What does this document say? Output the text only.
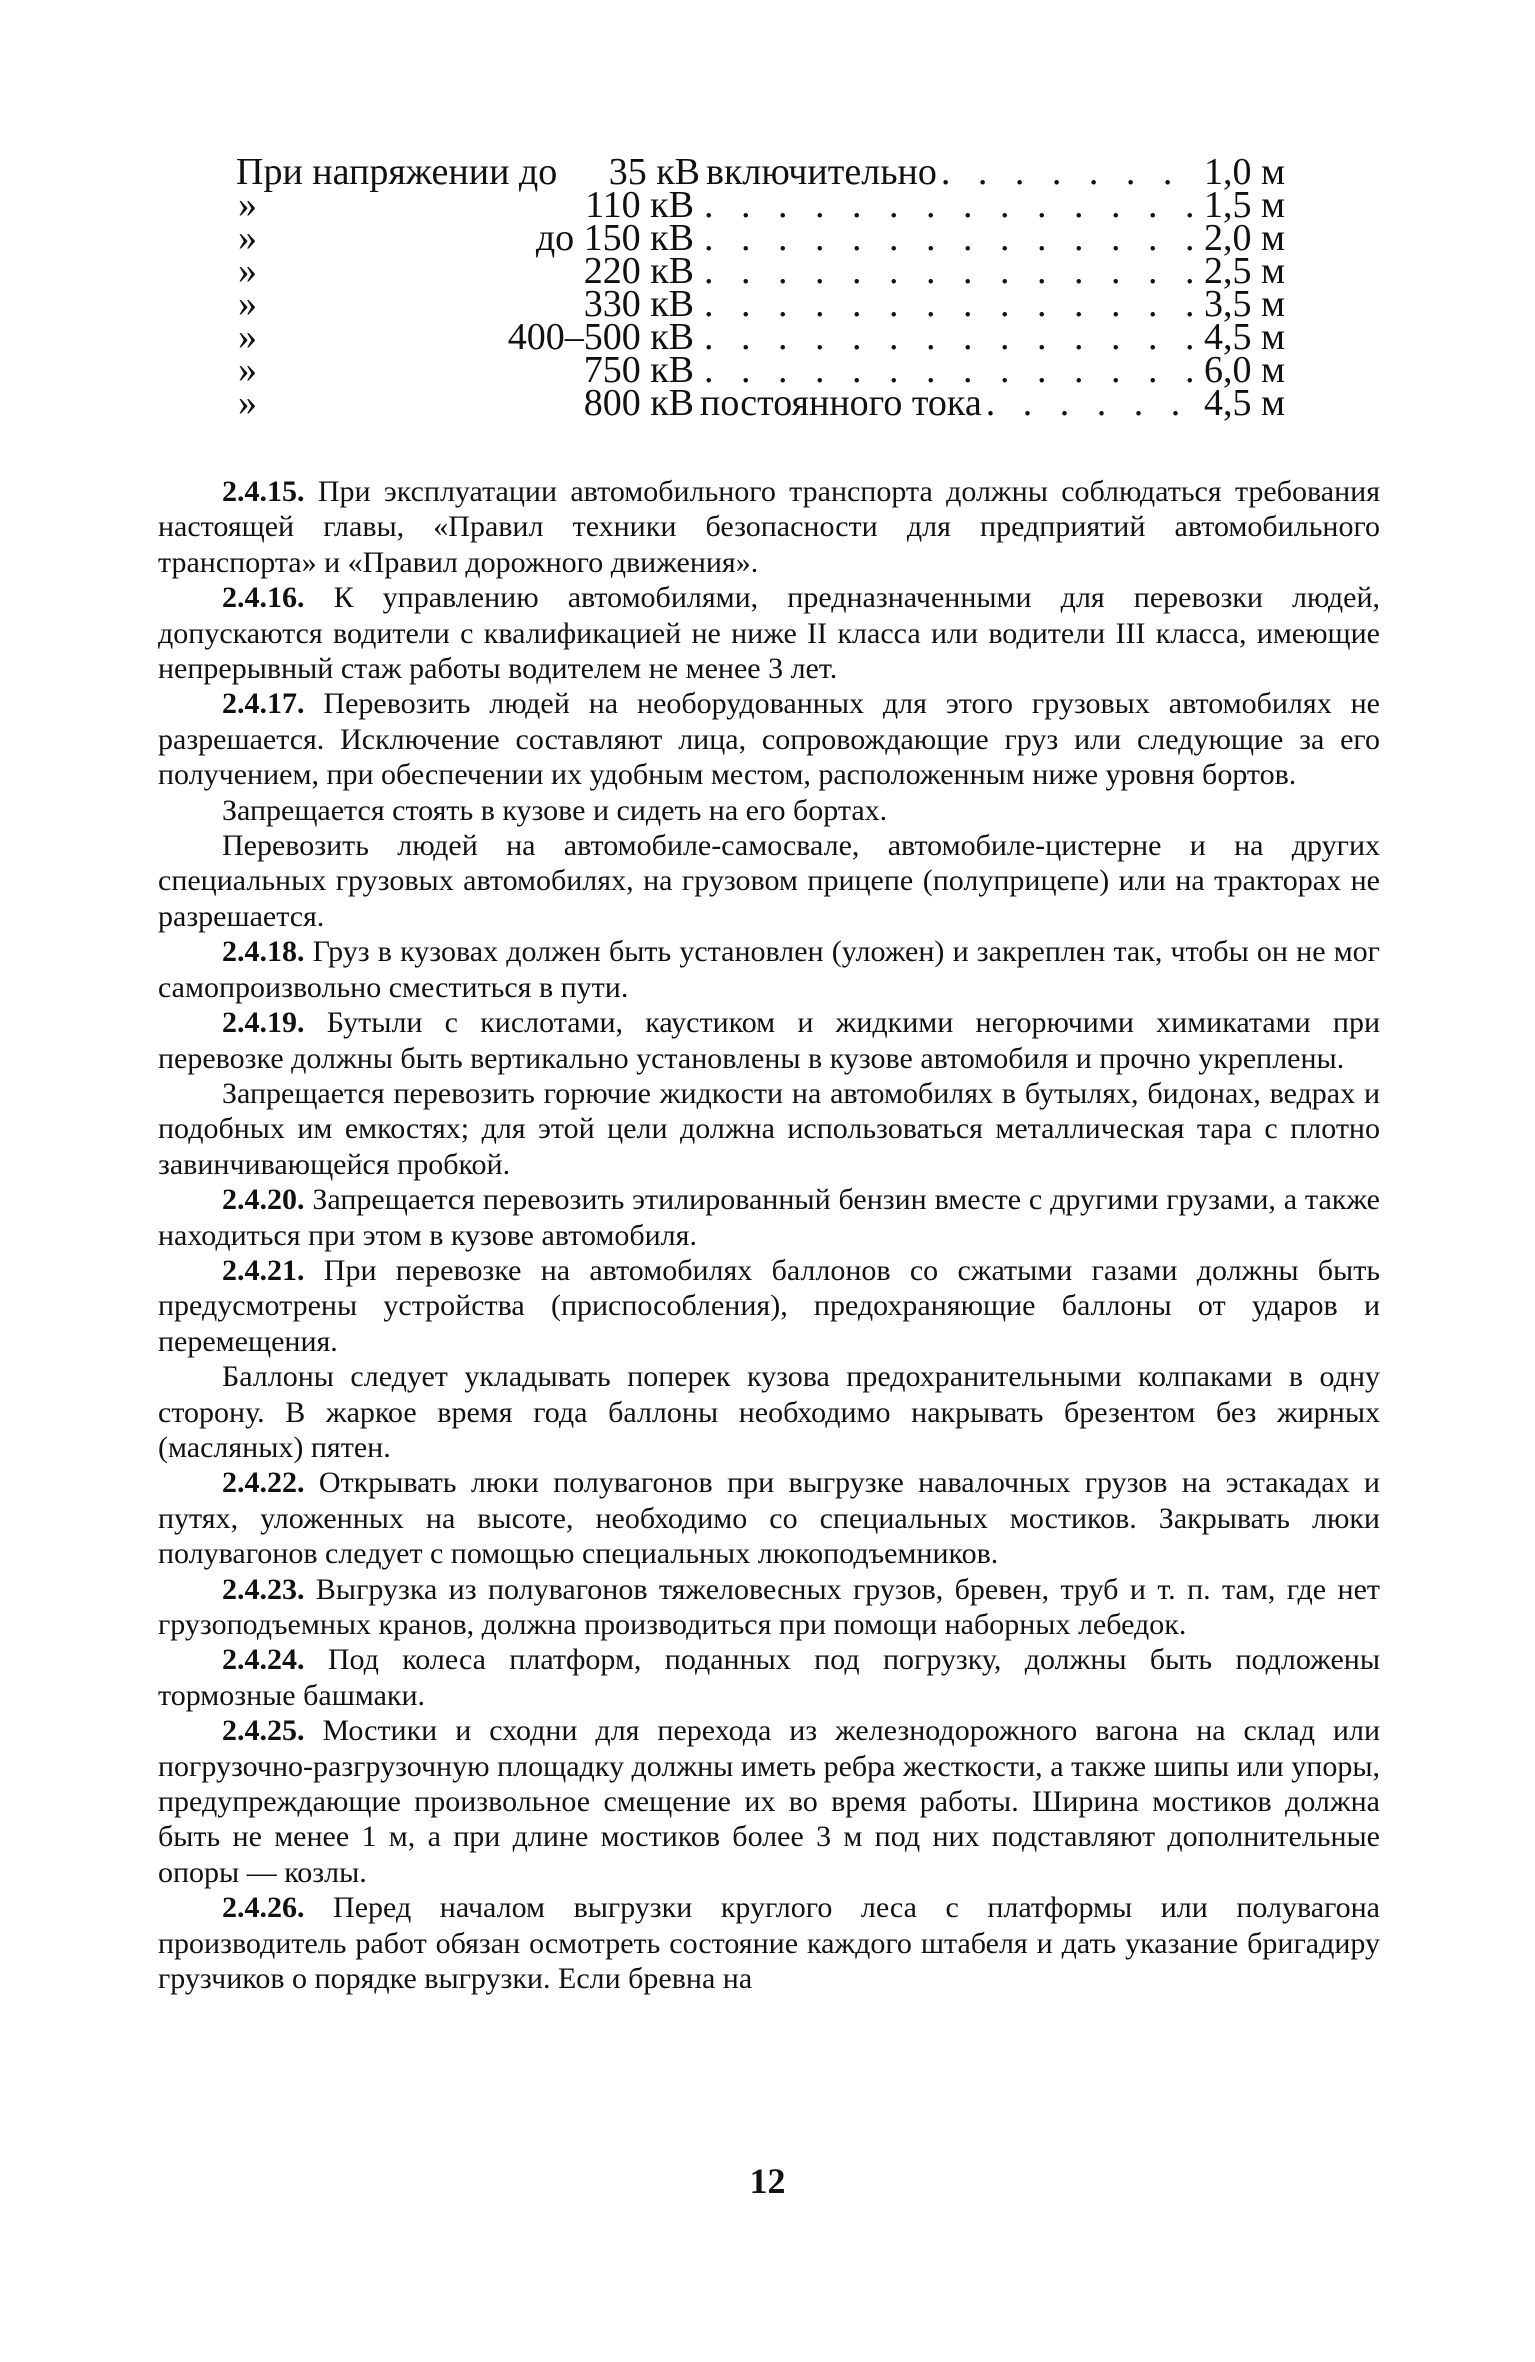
При напряжении до	35 кВ включительно . . .	1,0 м
»	110 кВ . . .	1,5 м
»	до 150 кВ . . .	2,0 м
»	220 кВ . . .	2,5 м
»	330 кВ . . .	3,5 м
»	400–500 кВ . . .	4,5 м
»	750 кВ . . .	6,0 м
»	800 кВ постоянного тока . . .	4,5 м

2.4.15. При эксплуатации автомобильного транспорта должны соблюдаться требования настоящей главы, «Правил техники безопасности для предприятий автомобильного транспорта» и «Правил дорожного движения».

2.4.16. К управлению автомобилями, предназначенными для перевозки людей, допускаются водители с квалификацией не ниже II класса или водители III класса, имеющие непрерывный стаж работы водителем не менее 3 лет.

2.4.17. Перевозить людей на необорудованных для этого грузовых автомобилях не разрешается. Исключение составляют лица, сопровождающие груз или следующие за его получением, при обеспечении их удобным местом, расположенным ниже уровня бортов.

Запрещается стоять в кузове и сидеть на его бортах.

Перевозить людей на автомобиле-самосвале, автомобиле-цистерне и на других специальных грузовых автомобилях, на грузовом прицепе (полуприцепе) или на тракторах не разрешается.

2.4.18. Груз в кузовах должен быть установлен (уложен) и закреплен так, чтобы он не мог самопроизвольно сместиться в пути.

2.4.19. Бутыли с кислотами, каустиком и жидкими негорючими химикатами при перевозке должны быть вертикально установлены в кузове автомобиля и прочно укреплены.

Запрещается перевозить горючие жидкости на автомобилях в бутылях, бидонах, ведрах и подобных им емкостях; для этой цели должна использоваться металлическая тара с плотно завинчивающейся пробкой.

2.4.20. Запрещается перевозить этилированный бензин вместе с другими грузами, а также находиться при этом в кузове автомобиля.

2.4.21. При перевозке на автомобилях баллонов со сжатыми газами должны быть предусмотрены устройства (приспособления), предохраняющие баллоны от ударов и перемещения.

Баллоны следует укладывать поперек кузова предохранительными колпаками в одну сторону. В жаркое время года баллоны необходимо накрывать брезентом без жирных (масляных) пятен.

2.4.22. Открывать люки полувагонов при выгрузке навалочных грузов на эстакадах и путях, уложенных на высоте, необходимо со специальных мостиков. Закрывать люки полувагонов следует с помощью специальных люкоподъемников.

2.4.23. Выгрузка из полувагонов тяжеловесных грузов, бревен, труб и т. п. там, где нет грузоподъемных кранов, должна производиться при помощи наборных лебедок.

2.4.24. Под колеса платформ, поданных под погрузку, должны быть подложены тормозные башмаки.

2.4.25. Мостики и сходни для перехода из железнодорожного вагона на склад или погрузочно-разгрузочную площадку должны иметь ребра жесткости, а также шипы или упоры, предупреждающие произвольное смещение их во время работы. Ширина мостиков должна быть не менее 1 м, а при длине мостиков более 3 м под них подставляют дополнительные опоры — козлы.

2.4.26. Перед началом выгрузки круглого леса с платформы или полувагона производитель работ обязан осмотреть состояние каждого штабеля и дать указание бригадиру грузчиков о порядке выгрузки. Если бревна на

12
